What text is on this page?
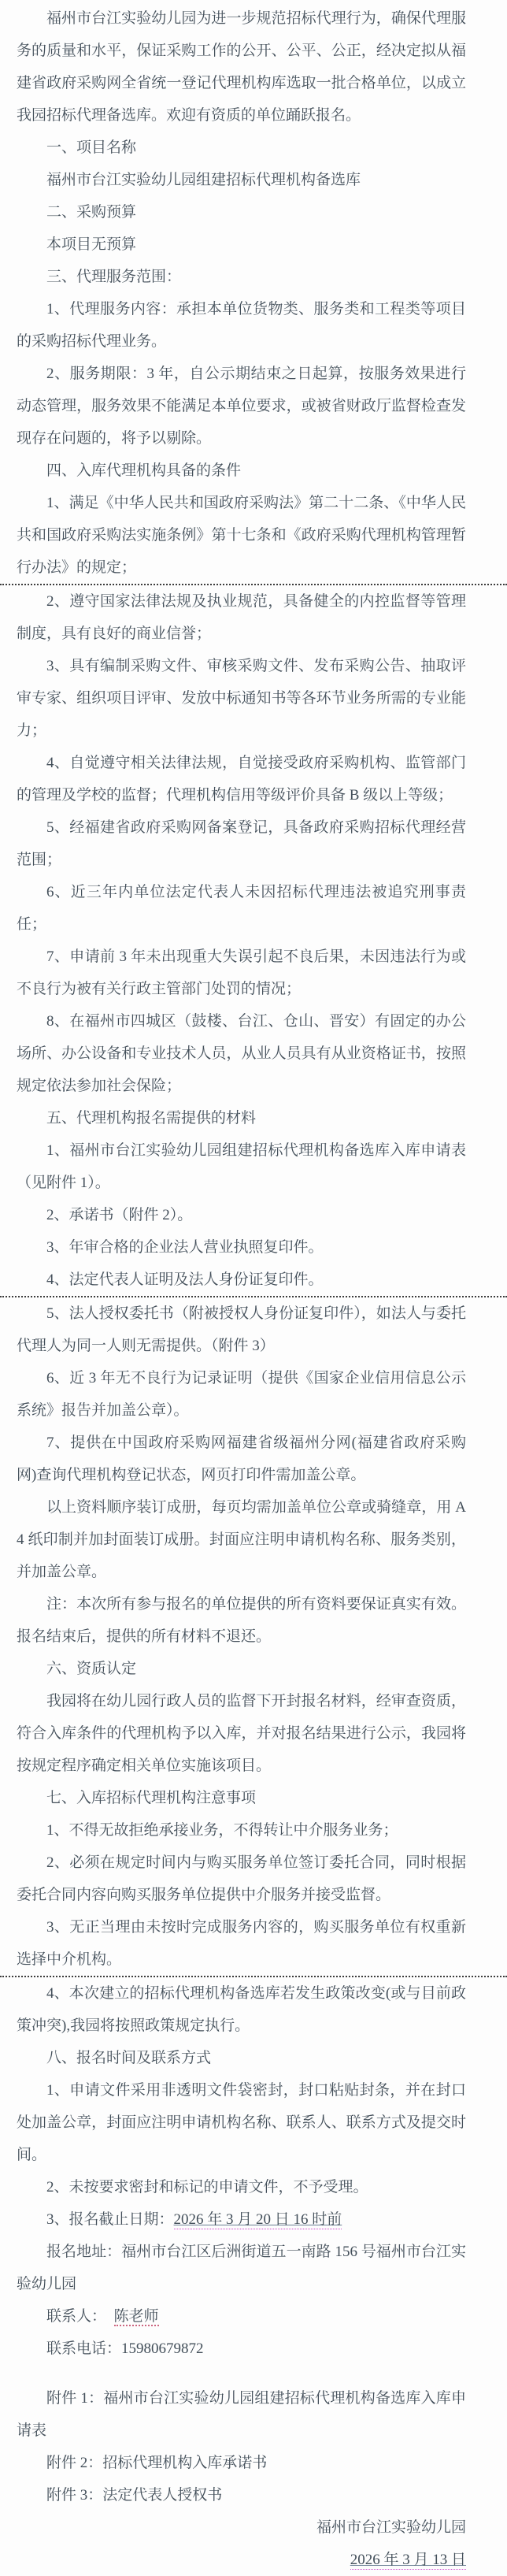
福州市台江实验幼儿园为进一步规范招标代理行为，确保代理服务的质量和水平，保证采购工作的公开、公平、公正，经决定拟从福建省政府采购网全省统一登记代理机构库选取一批合格单位，以成立我园招标代理备选库。欢迎有资质的单位踊跃报名。

一、项目名称

福州市台江实验幼儿园组建招标代理机构备选库

二、采购预算

本项目无预算

三、代理服务范围：

1、代理服务内容：承担本单位货物类、服务类和工程类等项目的采购招标代理业务。

2、服务期限：3 年，自公示期结束之日起算，按服务效果进行动态管理，服务效果不能满足本单位要求，或被省财政厅监督检查发现存在问题的，将予以剔除。

四、入库代理机构具备的条件

1、满足《中华人民共和国政府采购法》第二十二条、《中华人民共和国政府采购法实施条例》第十七条和《政府采购代理机构管理暂行办法》的规定；

2、遵守国家法律法规及执业规范，具备健全的内控监督等管理制度，具有良好的商业信誉；

3、具有编制采购文件、审核采购文件、发布采购公告、抽取评审专家、组织项目评审、发放中标通知书等各环节业务所需的专业能力；

4、自觉遵守相关法律法规，自觉接受政府采购机构、监管部门的管理及学校的监督；代理机构信用等级评价具备 B 级以上等级；

5、经福建省政府采购网备案登记，具备政府采购招标代理经营范围；

6、近三年内单位法定代表人未因招标代理违法被追究刑事责任；

7、申请前 3 年未出现重大失误引起不良后果，未因违法行为或不良行为被有关行政主管部门处罚的情况；

8、在福州市四城区（鼓楼、台江、仓山、晋安）有固定的办公场所、办公设备和专业技术人员，从业人员具有从业资格证书，按照规定依法参加社会保险；

五、代理机构报名需提供的材料

1、福州市台江实验幼儿园组建招标代理机构备选库入库申请表（见附件 1）。

2、承诺书（附件 2）。

3、年审合格的企业法人营业执照复印件。

4、法定代表人证明及法人身份证复印件。

5、法人授权委托书（附被授权人身份证复印件），如法人与委托代理人为同一人则无需提供。（附件 3）

6、近 3 年无不良行为记录证明（提供《国家企业信用信息公示系统》报告并加盖公章）。

7、提供在中国政府采购网福建省级福州分网(福建省政府采购网)查询代理机构登记状态，网页打印件需加盖公章。

以上资料顺序装订成册，每页均需加盖单位公章或骑缝章，用 A4 纸印制并加封面装订成册。封面应注明申请机构名称、服务类别，并加盖公章。

注：本次所有参与报名的单位提供的所有资料要保证真实有效。报名结束后，提供的所有材料不退还。

六、资质认定

我园将在幼儿园行政人员的监督下开封报名材料，经审查资质，符合入库条件的代理机构予以入库，并对报名结果进行公示，我园将按规定程序确定相关单位实施该项目。

七、入库招标代理机构注意事项

1、不得无故拒绝承接业务，不得转让中介服务业务；

2、必须在规定时间内与购买服务单位签订委托合同，同时根据委托合同内容向购买服务单位提供中介服务并接受监督。

3、无正当理由未按时完成服务内容的，购买服务单位有权重新选择中介机构。

4、本次建立的招标代理机构备选库若发生政策改变(或与目前政策冲突),我园将按照政策规定执行。

八、报名时间及联系方式

1、申请文件采用非透明文件袋密封，封口粘贴封条，并在封口处加盖公章，封面应注明申请机构名称、联系人、联系方式及提交时间。

2、未按要求密封和标记的申请文件，不予受理。

3、报名截止日期：2026 年 3 月 20 日 16 时前

报名地址：福州市台江区后洲街道五一南路 156 号福州市台江实验幼儿园

联系人：　陈老师

联系电话：15980679872

附件 1：福州市台江实验幼儿园组建招标代理机构备选库入库申请表

附件 2：招标代理机构入库承诺书

附件 3：法定代表人授权书

福州市台江实验幼儿园

2026 年 3 月 13 日
